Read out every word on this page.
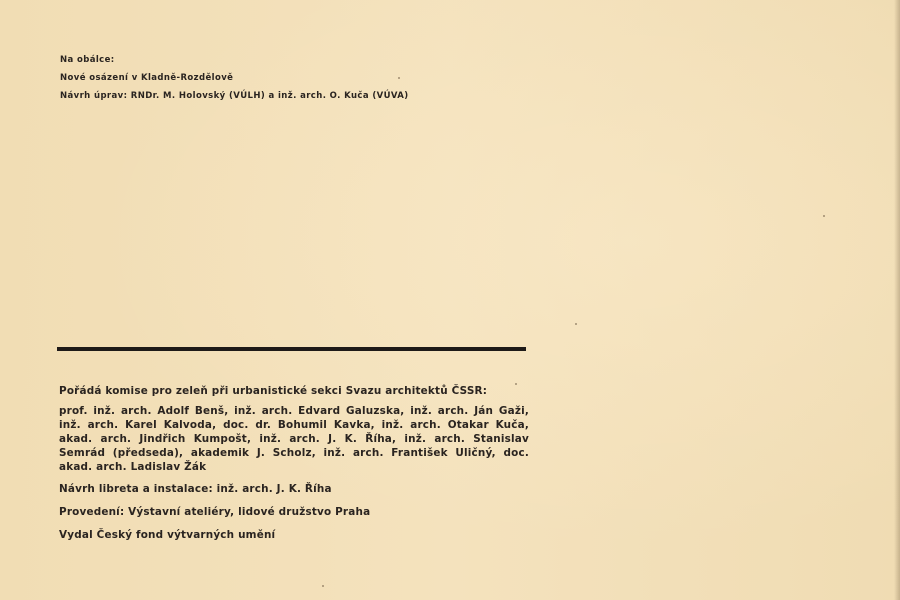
Na obálce:
Nové osázení v Kladně-Rozdělově
Návrh úprav: RNDr. M. Holovský (VÚLH) a inž. arch. O. Kuča (VÚVA)

Pořádá komise pro zeleň při urbanistické sekci Svazu architektů ČSSR:

prof. inž. arch. Adolf Benš, inž. arch. Edvard Galuzska, inž. arch. Ján Gaži, inž. arch. Karel Kalvoda, doc. dr. Bohumil Kavka, inž. arch. Otakar Kuča, akad. arch. Jindřich Kumpošt, inž. arch. J. K. Říha, inž. arch. Stanislav Semrád (předseda), akademik J. Scholz, inž. arch. František Uličný, doc. akad. arch. Ladislav Žák

Návrh libreta a instalace: inž. arch. J. K. Říha

Provedení: Výstavní ateliéry, lidové družstvo Praha

Vydal Český fond výtvarných umění
